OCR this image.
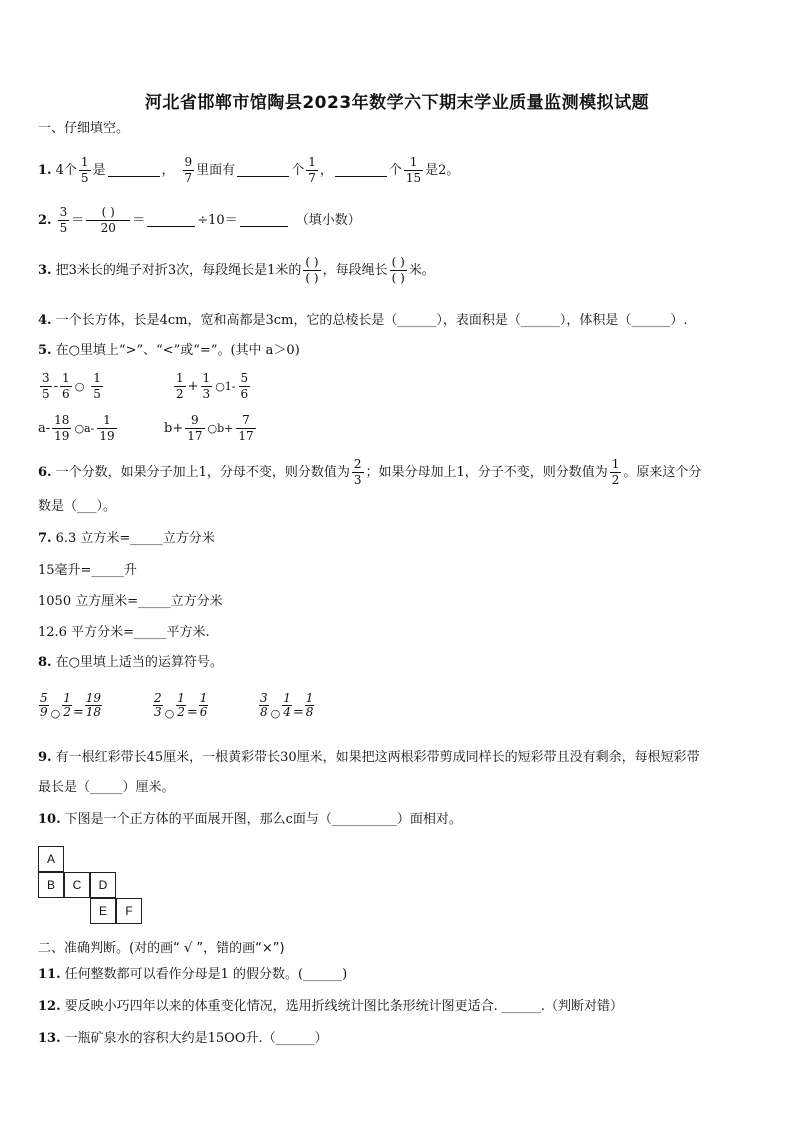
河北省邯郸市馆陶县2023年数学六下期末学业质量监测模拟试题
一、仔细填空。
1. 4个 $\frac{1}{5}$ 是	， $\frac{9}{7}$ 里面有	个 $\frac{1}{7}$ ，	个 $\frac{1}{15}$ 是2。
2. $\frac{3}{5} = \frac{( )}{20}$ ＝	÷10＝	（填小数）
3. 把3米长的绳子对折3次，每段绳长是1米的 $\frac{( )}{( )}$ ，每段绳长 $\frac{( )}{( )}$ 米。
4. 一个长方体，长是4cm，宽和高都是3cm，它的总棱长是（______），表面积是（______），体积是（______）.
5. 在○里填上“>”、“<”或“=”。(其中 a＞0)
$\frac{3}{5} - \frac{1}{6}$ ○ $\frac{1}{5}$	$\frac{1}{2} + \frac{1}{3}$ ○1- $\frac{5}{6}$
$a- \frac{18}{19}$ ○a- $\frac{1}{19}$	$b+ \frac{9}{17}$ ○b+ $\frac{7}{17}$
6. 一个分数，如果分子加上1，分母不变，则分数值为 $\frac{2}{3}$ ；如果分母加上1，分子不变，则分数值为 $\frac{1}{2}$ 。原来这个分
数是（___）。
7. 6.3 立方米=_____立方分米
15毫升=_____升
1050 立方厘米=_____立方分米
12.6 平方分米=_____平方米.
8. 在○里填上适当的运算符号。
$\frac{5}{9}$ ○ $\frac{1}{2} = \frac{19}{18}$	$\frac{2}{3}$ ○ $\frac{1}{2} = \frac{1}{6}$	$\frac{3}{8}$ ○ $\frac{1}{4} = \frac{1}{8}$
9. 有一根红彩带长45厘米，一根黄彩带长30厘米，如果把这两根彩带剪成同样长的短彩带且没有剩余，每根短彩带
最长是（_____）厘米。
10. 下图是一个正方体的平面展开图，那么c面与（__________）面相对。
A
B	C	D
E	F
二、准确判断。(对的画“ √ ”，错的画“×”)
11. 任何整数都可以看作分母是1 的假分数。(______)
12. 要反映小巧四年以来的体重变化情况，选用折线统计图比条形统计图更适合. ______.（判断对错）
13. 一瓶矿泉水的容积大约是15OO升.（______）
